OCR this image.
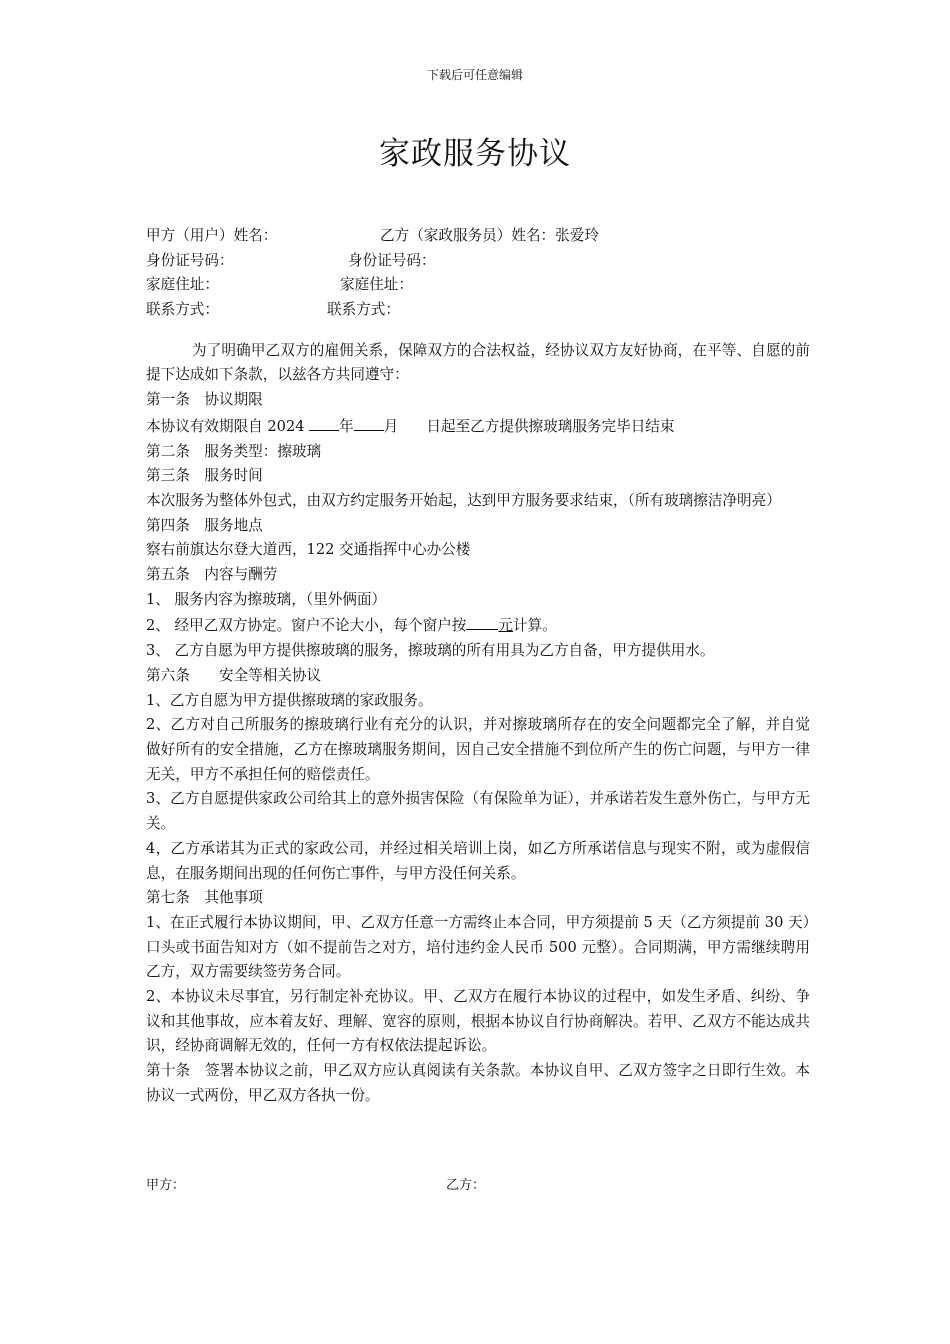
下载后可任意编辑
家政服务协议
甲方（用户）姓名：	乙方（家政服务员）姓名：张爱玲
身份证号码：	身份证号码：
家庭住址：	家庭住址：
联系方式：	联系方式：

为了明确甲乙双方的雇佣关系，保障双方的合法权益，经协议双方友好协商，在平等、自愿的前提下达成如下条款，以兹各方共同遵守：

第一条　协议期限

本协议有效期限自 2024 年 月 日起至乙方提供擦玻璃服务完毕日结束

第二条　服务类型：擦玻璃

第三条　服务时间

本次服务为整体外包式，由双方约定服务开始起，达到甲方服务要求结束，（所有玻璃擦洁净明亮）

第四条　服务地点

察右前旗达尔登大道西，122 交通指挥中心办公楼

第五条　内容与酬劳

1、 服务内容为擦玻璃，（里外俩面）

2、 经甲乙双方协定。窗户不论大小，每个窗户按 元计算。

3、 乙方自愿为甲方提供擦玻璃的服务，擦玻璃的所有用具为乙方自备，甲方提供用水。

第六条　　安全等相关协议

1、乙方自愿为甲方提供擦玻璃的家政服务。

2、乙方对自己所服务的擦玻璃行业有充分的认识，并对擦玻璃所存在的安全问题都完全了解，并自觉做好所有的安全措施，乙方在擦玻璃服务期间，因自己安全措施不到位所产生的伤亡问题，与甲方一律无关，甲方不承担任何的赔偿责任。

3、乙方自愿提供家政公司给其上的意外损害保险（有保险单为证），并承诺若发生意外伤亡，与甲方无关。

4，乙方承诺其为正式的家政公司，并经过相关培训上岗，如乙方所承诺信息与现实不附，或为虚假信息，在服务期间出现的任何伤亡事件，与甲方没任何关系。

第七条　其他事项

1、在正式履行本协议期间，甲、乙双方任意一方需终止本合同，甲方须提前 5 天（乙方须提前 30 天）口头或书面告知对方（如不提前告之对方，培付违约金人民币 500 元整）。合同期满，甲方需继续聘用乙方，双方需要续签劳务合同。

2、本协议未尽事宜，另行制定补充协议。甲、乙双方在履行本协议的过程中，如发生矛盾、纠纷、争议和其他事故，应本着友好、理解、宽容的原则，根据本协议自行协商解决。若甲、乙双方不能达成共识，经协商调解无效的，任何一方有权依法提起诉讼。

第十条　签署本协议之前，甲乙双方应认真阅读有关条款。本协议自甲、乙双方签字之日即行生效。本协议一式两份，甲乙双方各执一份。

甲方：	乙方：
